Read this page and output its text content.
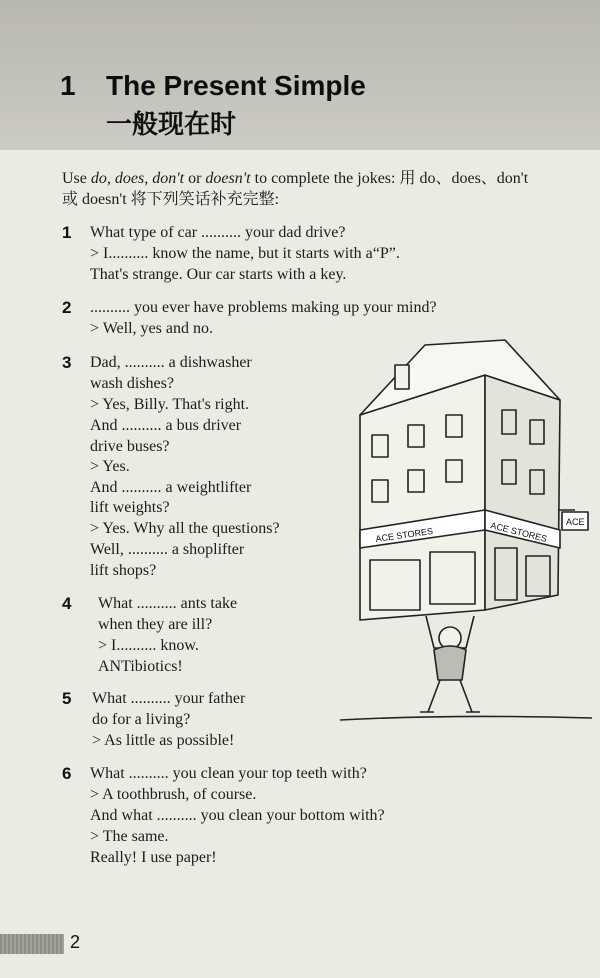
1 The Present Simple
一般现在时
Use do, does, don't or doesn't to complete the jokes: 用 do、does、don't
或 doesn't 将下列笑话补充完整:
1 What type of car .......... your dad drive?
> I.......... know the name, but it starts with a“P”.
That's strange. Our car starts with a key.
2 .......... you ever have problems making up your mind?
> Well, yes and no.
3 Dad, .......... a dishwasher
wash dishes?
> Yes, Billy. That's right.
And .......... a bus driver
drive buses?
> Yes.
And .......... a weightlifter
lift weights?
> Yes. Why all the questions?
Well, .......... a shoplifter
lift shops?
4 What .......... ants take
when they are ill?
> I.......... know.
ANTibiotics!
5 What .......... your father
do for a living?
> As little as possible!
6 What .......... you clean your top teeth with?
> A toothbrush, of course.
And what .......... you clean your bottom with?
> The same.
Really! I use paper!
ACE STORES	ACE STORES ACE
2
